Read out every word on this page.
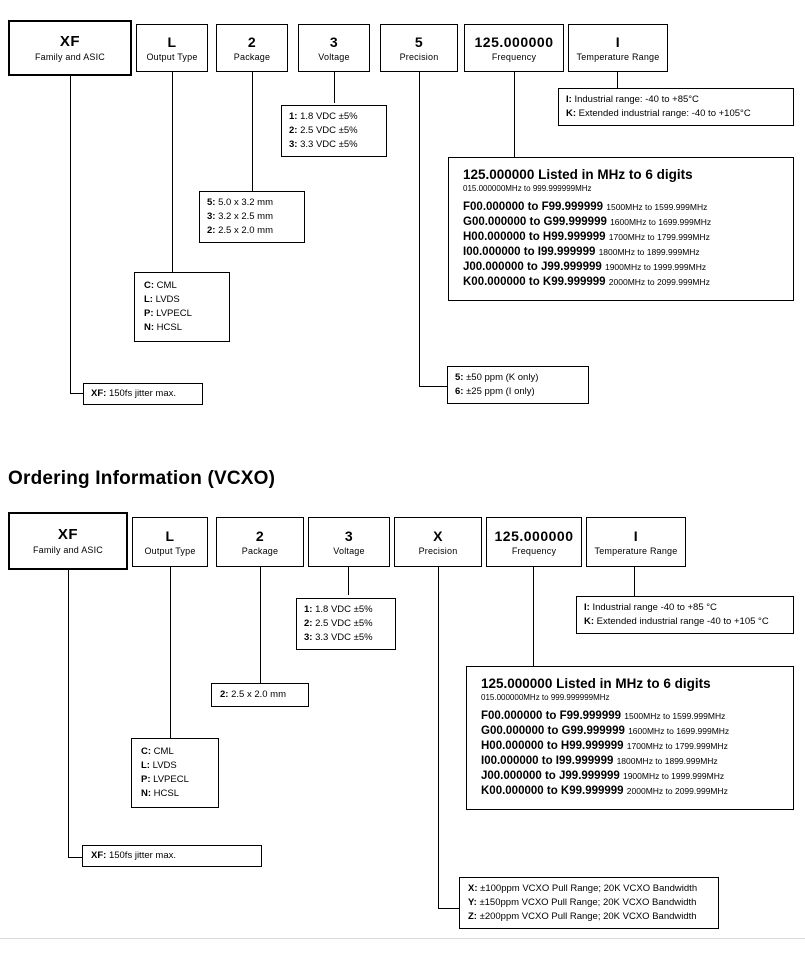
XF
Family and ASIC
L
Output Type
2
Package
3
Voltage
5
Precision
125.000000
Frequency
I
Temperature Range
I: Industrial range: -40 to +85°C
K: Extended industrial range: -40 to +105°C
1: 1.8 VDC ±5%
2: 2.5 VDC ±5%
3: 3.3 VDC ±5%
125.000000 Listed in MHz to 6 digits
015.000000MHz to 999.999999MHz
F00.000000 to F99.999999 1500MHz to 1599.999MHz
G00.000000 to G99.999999 1600MHz to 1699.999MHz
H00.000000 to H99.999999 1700MHz to 1799.999MHz
I00.000000 to I99.999999 1800MHz to 1899.999MHz
J00.000000 to J99.999999 1900MHz to 1999.999MHz
K00.000000 to K99.999999 2000MHz to 2099.999MHz
5: 5.0 x 3.2 mm
3: 3.2 x 2.5 mm
2: 2.5 x 2.0 mm
C: CML
L: LVDS
P: LVPECL
N: HCSL
5: ±50 ppm (K only)
6: ±25 ppm (I only)
XF: 150fs jitter max.
Ordering Information (VCXO)
XF
Family and ASIC
L
Output Type
2
Package
3
Voltage
X
Precision
125.000000
Frequency
I
Temperature Range
I: Industrial range -40 to +85 °C
K: Extended industrial range -40 to +105 °C
1: 1.8 VDC ±5%
2: 2.5 VDC ±5%
3: 3.3 VDC ±5%
125.000000 Listed in MHz to 6 digits
015.000000MHz to 999.999999MHz
F00.000000 to F99.999999 1500MHz to 1599.999MHz
G00.000000 to G99.999999 1600MHz to 1699.999MHz
H00.000000 to H99.999999 1700MHz to 1799.999MHz
I00.000000 to I99.999999 1800MHz to 1899.999MHz
J00.000000 to J99.999999 1900MHz to 1999.999MHz
K00.000000 to K99.999999 2000MHz to 2099.999MHz
2: 2.5 x 2.0 mm
C: CML
L: LVDS
P: LVPECL
N: HCSL
XF: 150fs jitter max.
X: ±100ppm VCXO Pull Range; 20K VCXO Bandwidth
Y: ±150ppm VCXO Pull Range; 20K VCXO Bandwidth
Z: ±200ppm VCXO Pull Range; 20K VCXO Bandwidth
